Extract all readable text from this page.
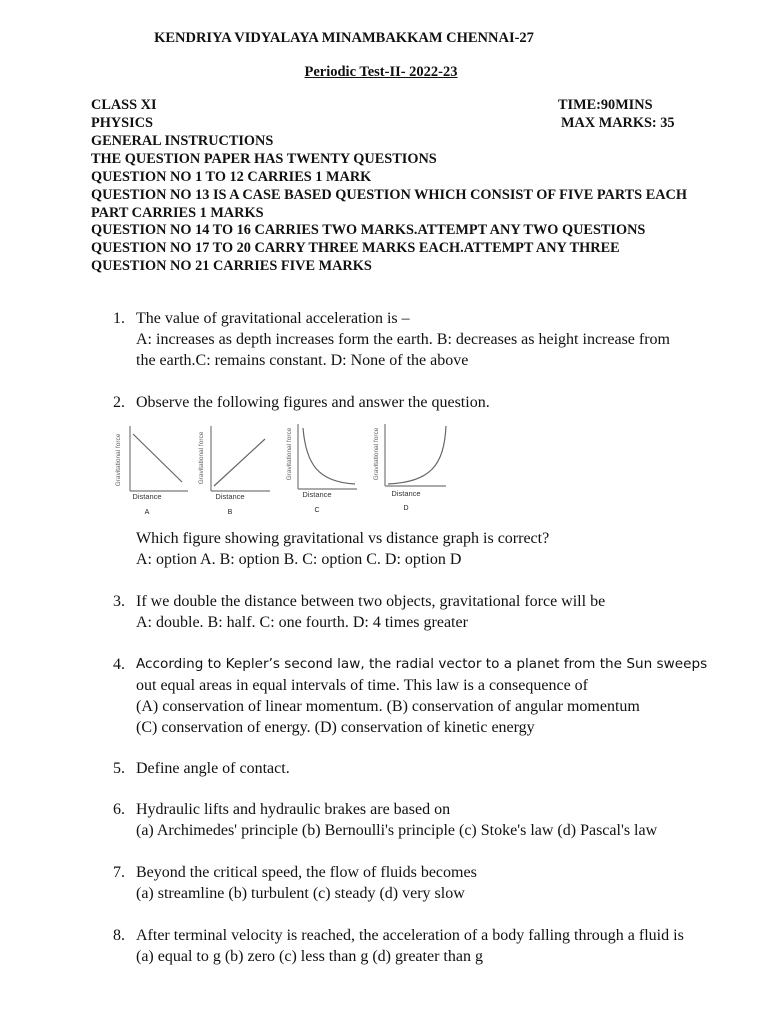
KENDRIYA VIDYALAYA MINAMBAKKAM CHENNAI-27
Periodic Test-II- 2022-23
CLASS XI	TIME:90MINS
PHYSICS	MAX MARKS: 35
GENERAL INSTRUCTIONS
THE QUESTION PAPER HAS TWENTY QUESTIONS
QUESTION NO 1 TO 12 CARRIES 1 MARK
QUESTION NO 13 IS A CASE BASED QUESTION WHICH CONSIST OF FIVE PARTS EACH
PART CARRIES 1 MARKS
QUESTION NO 14 TO 16 CARRIES TWO MARKS.ATTEMPT ANY TWO QUESTIONS
QUESTION NO 17 TO 20 CARRY THREE MARKS EACH.ATTEMPT ANY THREE
QUESTION NO 21 CARRIES FIVE MARKS
1. The value of gravitational acceleration is –
A: increases as depth increases form the earth. B: decreases as height increase from
the earth.C: remains constant. D: None of the above
2. Observe the following figures and answer the question.
Gravitational force
Distance
A
Gravitational force
Distance
B
Gravitational force
Distance
C
Gravitational force
Distance
D
Which figure showing gravitational vs distance graph is correct?
A: option A. B: option B. C: option C. D: option D
3. If we double the distance between two objects, gravitational force will be
A: double. B: half. C: one fourth. D: 4 times greater
4. According to Kepler’s second law, the radial vector to a planet from the Sun sweeps
out equal areas in equal intervals of time. This law is a consequence of
(A) conservation of linear momentum. (B) conservation of angular momentum
(C) conservation of energy. (D) conservation of kinetic energy
5. Define angle of contact.
6. Hydraulic lifts and hydraulic brakes are based on
(a) Archimedes' principle (b) Bernoulli's principle (c) Stoke's law (d) Pascal's law
7. Beyond the critical speed, the flow of fluids becomes
(a) streamline (b) turbulent (c) steady (d) very slow
8. After terminal velocity is reached, the acceleration of a body falling through a fluid is
(a) equal to g (b) zero (c) less than g (d) greater than g
